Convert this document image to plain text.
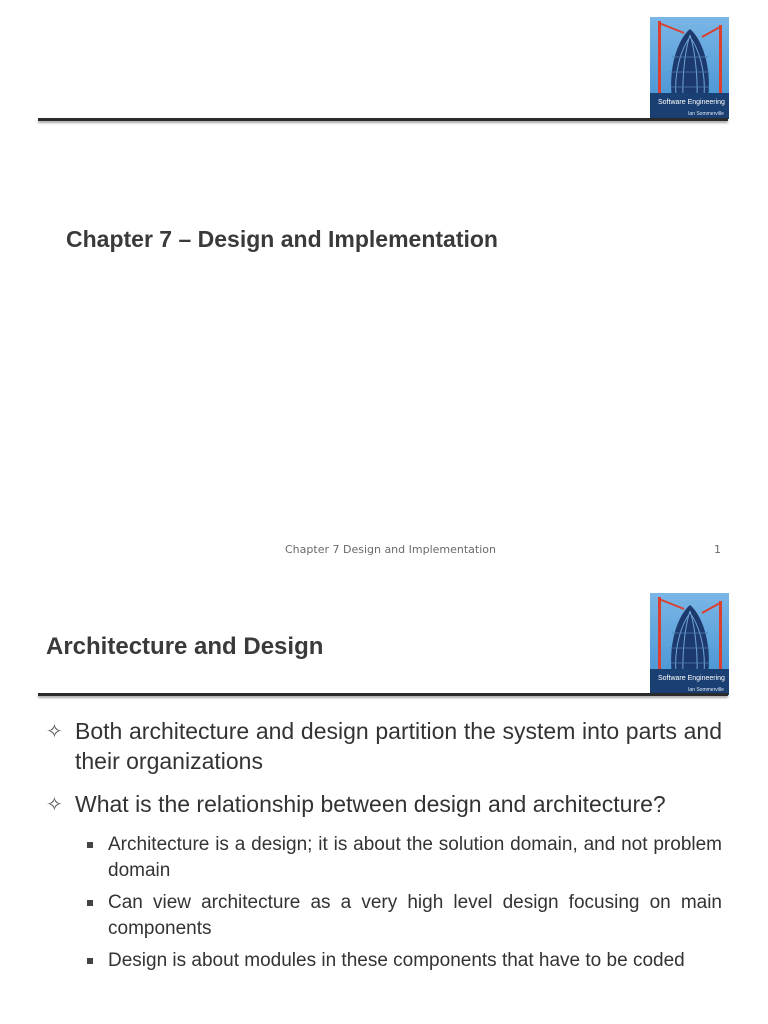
Software Engineering
Ian Sommerville
Chapter 7 – Design and Implementation
Chapter 7 Design and Implementation	1
Software Engineering
Ian Sommerville
Architecture and Design
✧ Both architecture and design partition the system into parts and their organizations
✧ What is the relationship between design and architecture?
Architecture is a design; it is about the solution domain, and not problem domain
Can view architecture as a very high level design focusing on main components
Design is about modules in these components that have to be coded
